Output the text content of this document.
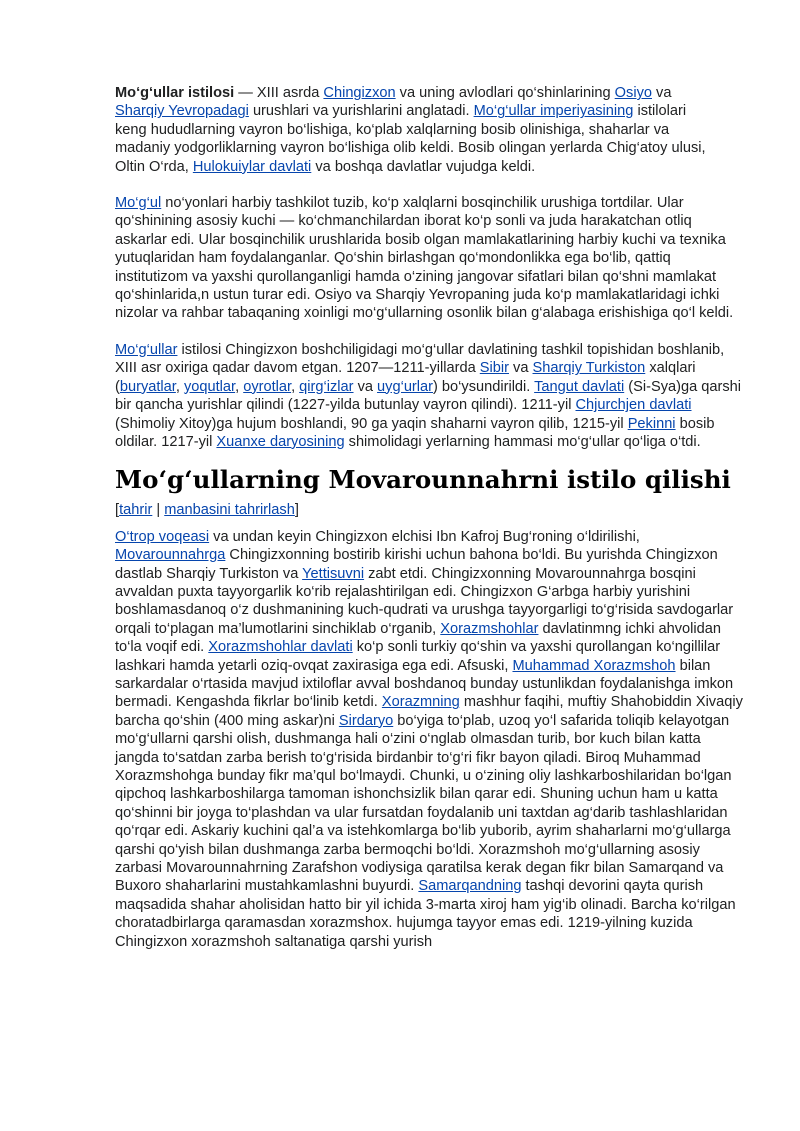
Mo‘g‘ullar istilosi — XIII asrda Chingizxon va uning avlodlari qo‘shinlarining Osiyo va Sharqiy Yevropadagi urushlari va yurishlarini anglatadi. Mo‘g‘ullar imperiyasining istilolari keng hududlarning vayron bo‘lishiga, ko‘plab xalqlarning bosib olinishiga, shaharlar va madaniy yodgorliklarning vayron bo‘lishiga olib keldi. Bosib olingan yerlarda Chig‘atoy ulusi, Oltin O‘rda, Hulokuiylar davlati va boshqa davlatlar vujudga keldi.

Mo‘g‘ul no‘yonlari harbiy tashkilot tuzib, ko‘p xalqlarni bosqinchilik urushiga tortdilar. Ular qo‘shinining asosiy kuchi — ko‘chmanchilardan iborat ko‘p sonli va juda harakatchan otliq askarlar edi. Ular bosqinchilik urushlarida bosib olgan mamlakatlarining harbiy kuchi va texnika yutuqlaridan ham foydalanganlar. Qo‘shin birlashgan qo‘mondonlikka ega bo‘lib, qattiq institutizom va yaxshi qurollanganligi hamda o‘zining jangovar sifatlari bilan qo‘shni mamlakat qo‘shinlarida,n ustun turar edi. Osiyo va Sharqiy Yevropaning juda ko‘p mamlakatlaridagi ichki nizolar va rahbar tabaqaning xoinligi mo‘g‘ullarning osonlik bilan g‘alabaga erishishiga qo‘l keldi.

Mo‘g‘ullar istilosi Chingizxon boshchiligidagi mo‘g‘ullar davlatining tashkil topishidan boshlanib, XIII asr oxiriga qadar davom etgan. 1207—1211-yillarda Sibir va Sharqiy Turkiston xalqlari (buryatlar, yoqutlar, oyrotlar, qirg‘izlar va uyg‘urlar) bo‘ysundirildi. Tangut davlati (Si-Sya)ga qarshi bir qancha yurishlar qilindi (1227-yilda butunlay vayron qilindi). 1211-yil Chjurchjen davlati (Shimoliy Xitoy)ga hujum boshlandi, 90 ga yaqin shaharni vayron qilib, 1215-yil Pekinni bosib oldilar. 1217-yil Xuanxe daryosining shimolidagi yerlarning hammasi mo‘g‘ullar qo‘liga o‘tdi.

Mo‘g‘ullarning Movarounnahrni istilo qilishi

[tahrir | manbasini tahrirlash]

O‘trор voqeasi va undan keyin Chingizxon elchisi Ibn Kafroj Bug‘roning o‘ldirilishi, Movarounnahrga Chingizxonning bostirib kirishi uchun bahona bo‘ldi. Bu yurishda Chingizxon dastlab Sharqiy Turkiston va Yettisuvni zabt etdi. Chingizxonning Movarounnahrga bosqini avvaldan puxta tayyorgarlik ko‘rib rejalashtirilgan edi. Chingizxon G‘arbga harbiy yurishini boshlamasdanoq o‘z dushmanining kuch-qudrati va urushga tayyorgarligi to‘g‘risida savdogarlar orqali to‘plagan ma’lumotlarini sinchiklab o‘rganib, Xorazmshohlar davlatinmng ichki ahvolidan to‘la voqif edi. Xorazmshohlar davlati ko‘p sonli turkiy qo‘shin va yaxshi qurollangan ko‘ngillilar lashkari hamda yetarli oziq-ovqat zaxirasiga ega edi. Afsuski, Muhammad Xorazmshoh bilan sarkardalar o‘rtasida mavjud ixtiloflar avval boshdanoq bunday ustunlikdan foydalanishga imkon bermadi. Kengashda fikrlar bo‘linib ketdi. Xorazmning mashhur faqihi, muftiy Shahobiddin Xivaqiy barcha qo‘shin (400 ming askar)ni Sirdaryo bo‘yiga to‘plab, uzoq yo‘l safarida toliqib kelayotgan mo‘g‘ullarni qarshi olish, dushmanga hali o‘zini o‘nglab olmasdan turib, bor kuch bilan katta jangda to‘satdan zarba berish to‘g‘risida birdanbir to‘g‘ri fikr bayon qiladi. Biroq Muhammad Xorazmshohga bunday fikr ma’qul bo‘lmaydi. Chunki, u o‘zining oliy lashkarboshilaridan bo‘lgan qipchoq lashkarboshilarga tamoman ishonchsizlik bilan qarar edi. Shuning uchun ham u katta qo‘shinni bir joyga to‘plashdan va ular fursatdan foydalanib uni taxtdan ag‘darib tashlashlaridan qo‘rqar edi. Askariy kuchini qal’a va istehkomlarga bo‘lib yuborib, ayrim shaharlarni mo‘g‘ullarga qarshi qo‘yish bilan dushmanga zarba bermoqchi bo‘ldi. Xorazmshoh mo‘g‘ullarning asosiy zarbasi Movarounnahrning Zarafshon vodiysiga qaratilsa kerak degan fikr bilan Samarqand va Buxoro shaharlarini mustahkamlashni buyurdi. Samarqandning tashqi devorini qayta qurish maqsadida shahar aholisidan hatto bir yil ichida 3-marta xiroj ham yig‘ib olinadi. Barcha ko‘rilgan choratadbirlarga qaramasdan xorazmshox. hujumga tayyor emas edi. 1219-yilning kuzida Chingizxon xorazmshoh saltanatiga qarshi yurish
